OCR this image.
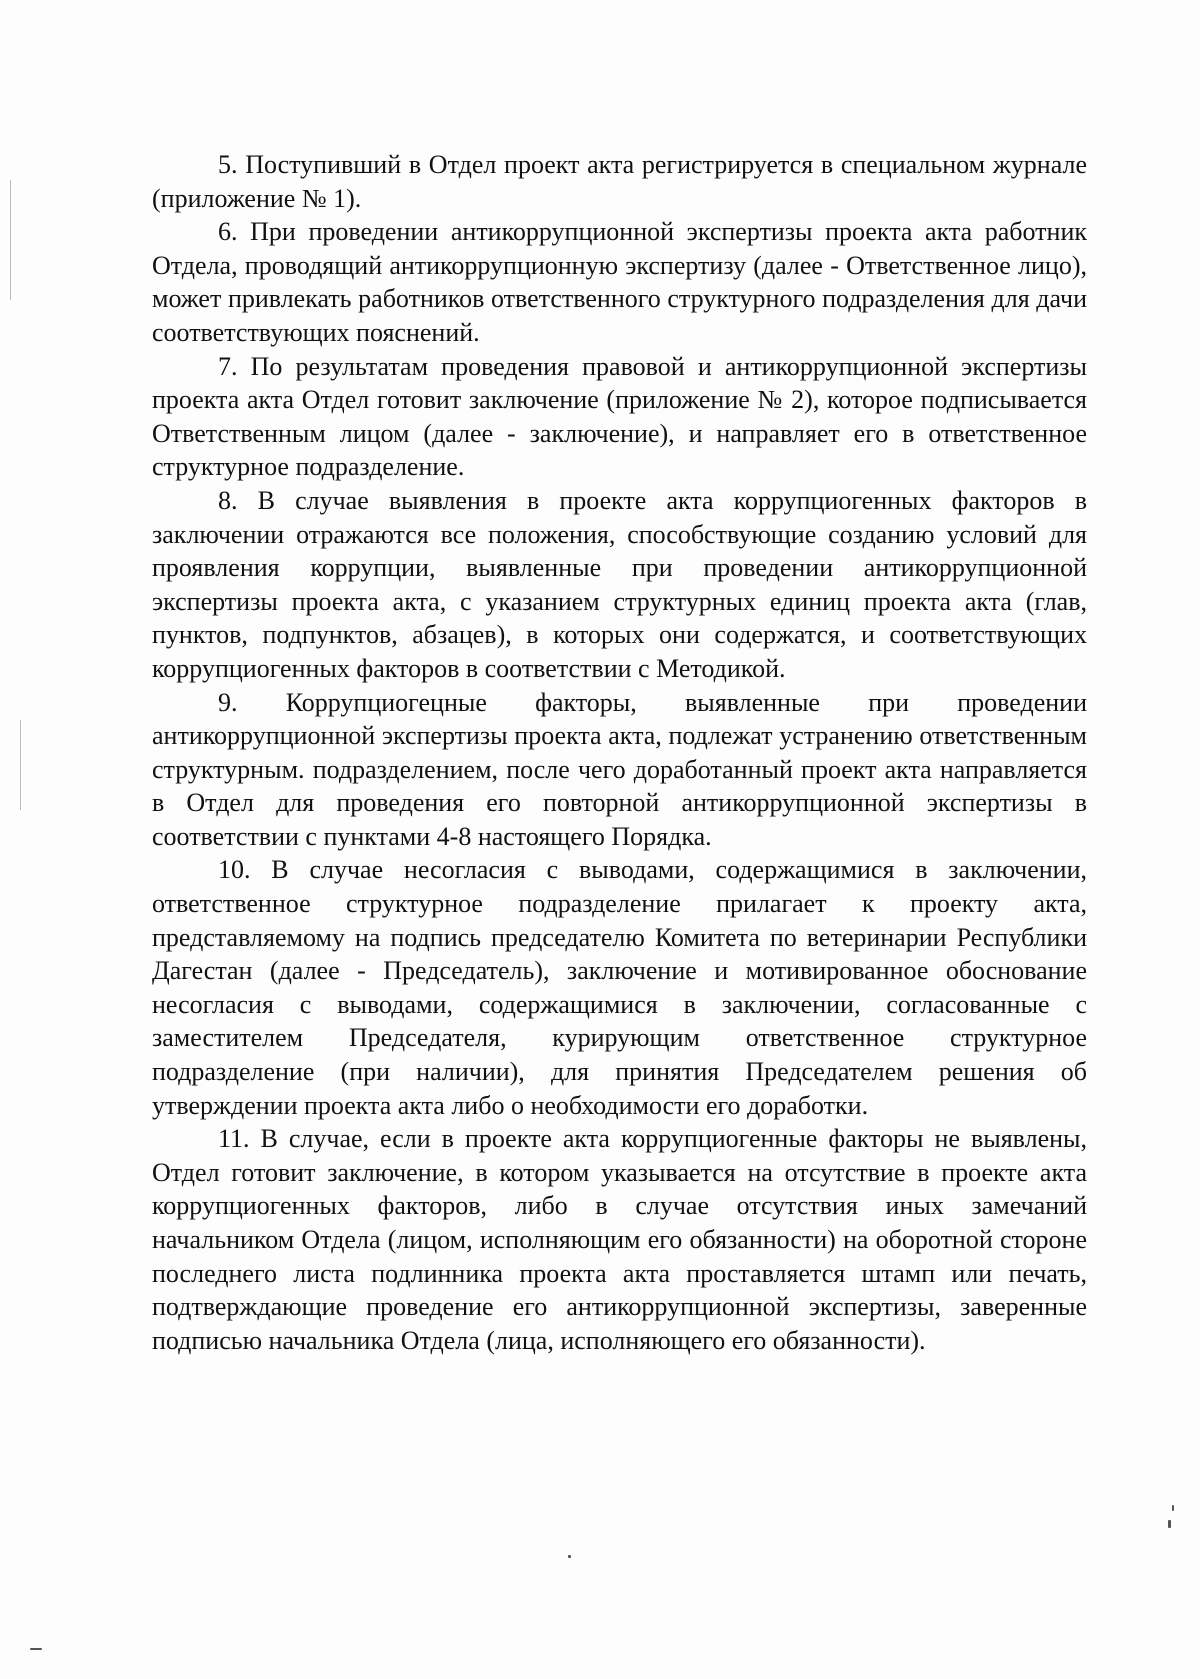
5. Поступивший в Отдел проект акта регистрируется в специальном журнале (приложение № 1).

6. При проведении антикоррупционной экспертизы проекта акта работник Отдела, проводящий антикоррупционную экспертизу (далее - Ответственное лицо), может привлекать работников ответственного структурного подразделения для дачи соответствующих пояснений.

7. По результатам проведения правовой и антикоррупционной экспертизы проекта акта Отдел готовит заключение (приложение № 2), которое подписывается Ответственным лицом (далее - заключение), и направляет его в ответственное структурное подразделение.

8. В случае выявления в проекте акта коррупциогенных факторов в заключении отражаются все положения, способствующие созданию условий для проявления коррупции, выявленные при проведении антикоррупционной экспертизы проекта акта, с указанием структурных единиц проекта акта (глав, пунктов, подпунктов, абзацев), в которых они содержатся, и соответствующих коррупциогенных факторов в соответствии с Методикой.

9. Коррупциогецные факторы, выявленные при проведении антикоррупционной экспертизы проекта акта, подлежат устранению ответственным структурным. подразделением, после чего доработанный проект акта направляется в Отдел для проведения его повторной антикоррупционной экспертизы в соответствии с пунктами 4-8 настоящего Порядка.

10. В случае несогласия с выводами, содержащимися в заключении, ответственное структурное подразделение прилагает к проекту акта, представляемому на подпись председателю Комитета по ветеринарии Республики Дагестан (далее - Председатель), заключение и мотивированное обоснование несогласия с выводами, содержащимися в заключении, согласованные с заместителем Председателя, курирующим ответственное структурное подразделение (при наличии), для принятия Председателем решения об утверждении проекта акта либо о необходимости его доработки.

11. В случае, если в проекте акта коррупциогенные факторы не выявлены, Отдел готовит заключение, в котором указывается на отсутствие в проекте акта коррупциогенных факторов, либо в случае отсутствия иных замечаний начальником Отдела (лицом, исполняющим его обязанности) на оборотной стороне последнего листа подлинника проекта акта проставляется штамп или печать, подтверждающие проведение его антикоррупционной экспертизы, заверенные подписью начальника Отдела (лица, исполняющего его обязанности).
